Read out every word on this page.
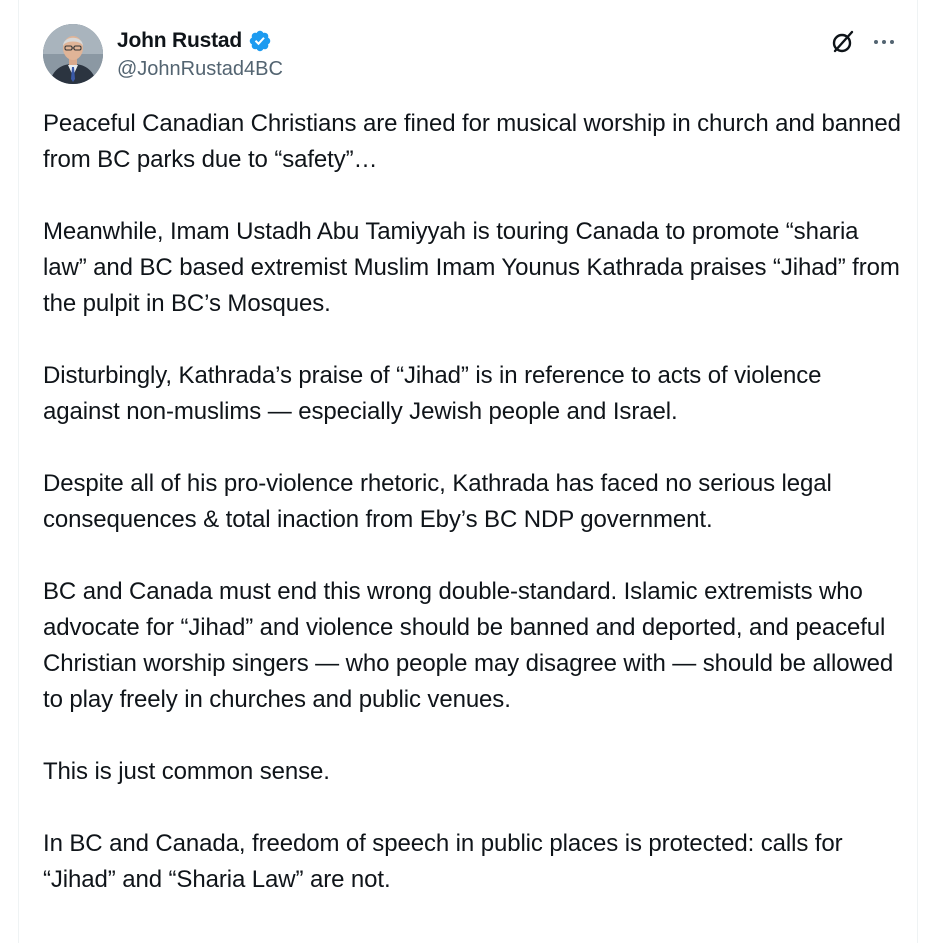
John Rustad
@JohnRustad4BC

Peaceful Canadian Christians are fined for musical worship in church and banned from BC parks due to “safety”…

Meanwhile, Imam Ustadh Abu Tamiyyah is touring Canada to promote “sharia law” and BC based extremist Muslim Imam Younus Kathrada praises “Jihad” from the pulpit in BC’s Mosques.

Disturbingly, Kathrada’s praise of “Jihad” is in reference to acts of violence against non-muslims — especially Jewish people and Israel.

Despite all of his pro-violence rhetoric, Kathrada has faced no serious legal consequences & total inaction from Eby’s BC NDP government.

BC and Canada must end this wrong double-standard. Islamic extremists who advocate for “Jihad” and violence should be banned and deported, and peaceful Christian worship singers — who people may disagree with — should be allowed to play freely in churches and public venues.

This is just common sense.

In BC and Canada, freedom of speech in public places is protected: calls for “Jihad” and “Sharia Law” are not.
